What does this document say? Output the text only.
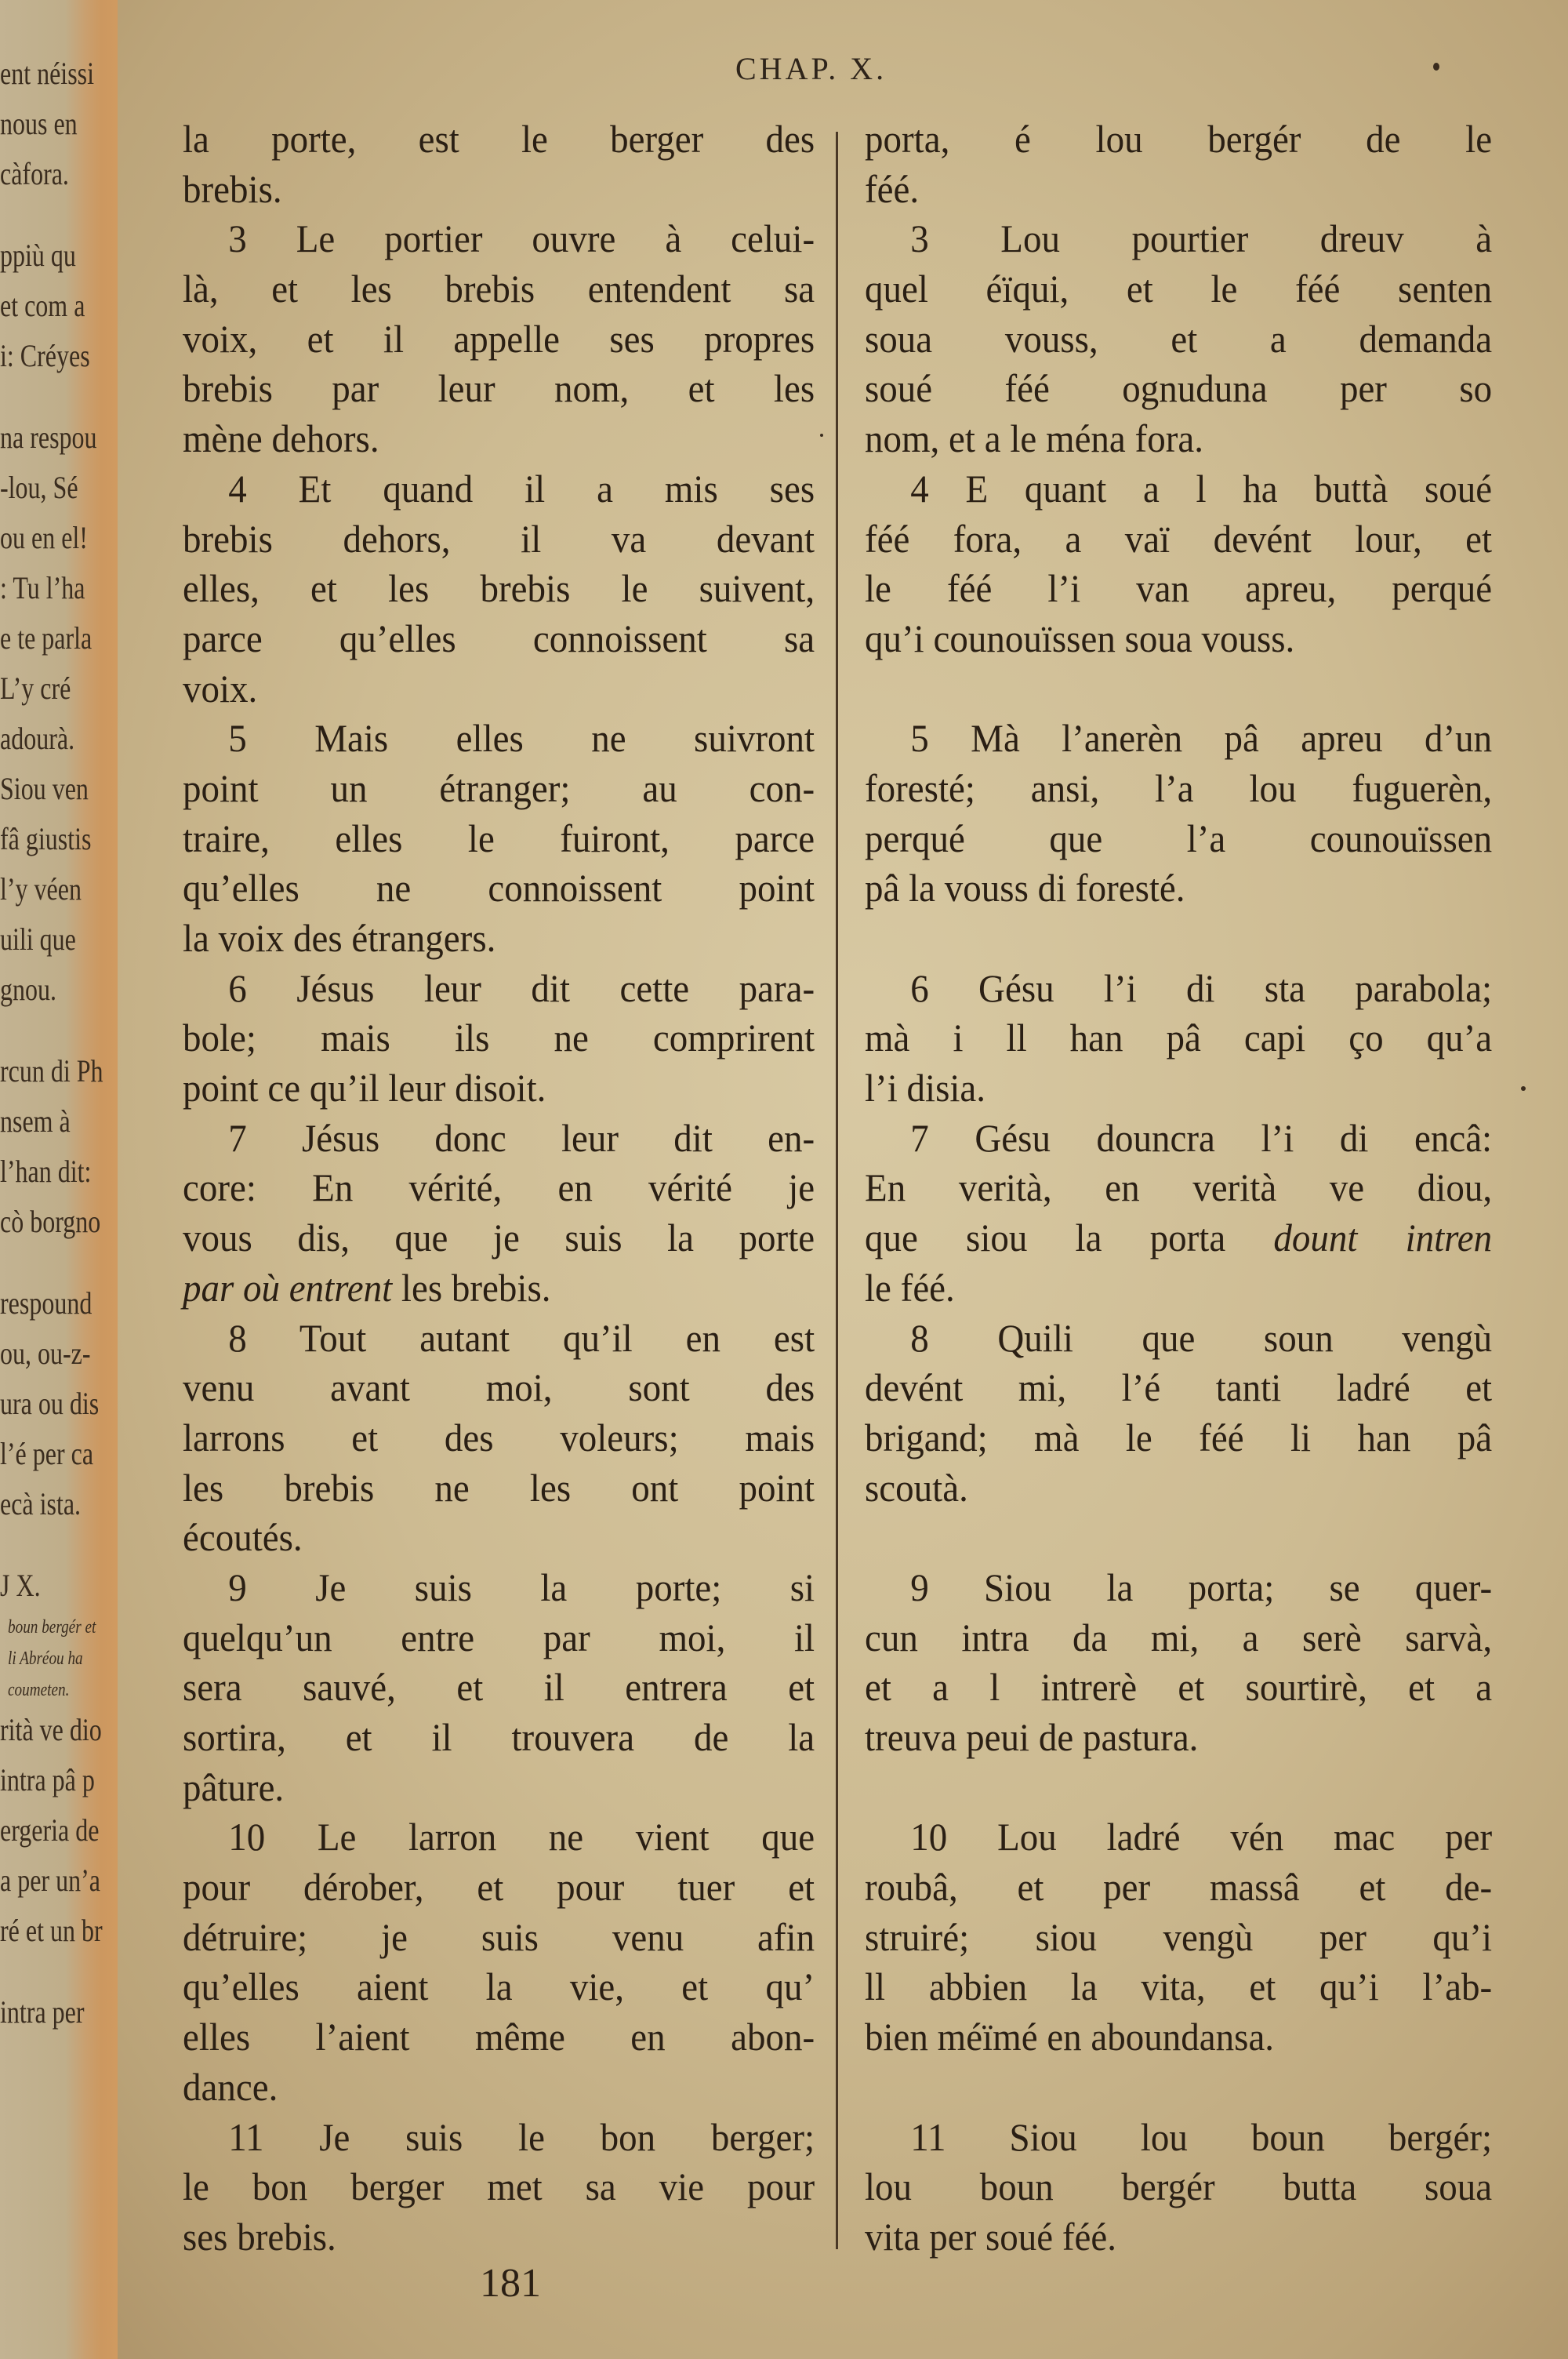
ent néissi
nous en
càfora.
ppiù qu
et com a
i: Créyes
na respou
-lou, Sé
ou en el!
: Tu l’ha
e te parla
L’y cré
adourà.
Siou ven
fâ giustis
l’y véen
uili que
gnou.
rcun di Ph
nsem à
l’han dit:
cò borgno
respound
ou, ou-z-
ura ou dis
l’é per ca
ecà ista.
J X.
boun bergér et
li Abréou ha
coumeten.
rità ve dio
intra pâ p
ergeria de
a per un’a
ré et un br
intra per
CHAP. X.
la porte, est le berger des
brebis.
3 Le portier ouvre à celui-
là, et les brebis entendent sa
voix, et il appelle ses propres
brebis par leur nom, et les
mène dehors.
4 Et quand il a mis ses
brebis dehors, il va devant
elles, et les brebis le suivent,
parce qu’elles connoissent sa
voix.
5 Mais elles ne suivront
point un étranger; au con-
traire, elles le fuiront, parce
qu’elles ne connoissent point
la voix des étrangers.
6 Jésus leur dit cette para-
bole; mais ils ne comprirent
point ce qu’il leur disoit.
7 Jésus donc leur dit en-
core: En vérité, en vérité je
vous dis, que je suis la porte
par où entrent les brebis.
8 Tout autant qu’il en est
venu avant moi, sont des
larrons et des voleurs; mais
les brebis ne les ont point
écoutés.
9 Je suis la porte; si
quelqu’un entre par moi, il
sera sauvé, et il entrera et
sortira, et il trouvera de la
pâture.
10 Le larron ne vient que
pour dérober, et pour tuer et
détruire; je suis venu afin
qu’elles aient la vie, et qu’
elles l’aient même en abon-
dance.
11 Je suis le bon berger;
le bon berger met sa vie pour
ses brebis.
porta, é lou bergér de le
féé.
3 Lou pourtier dreuv à
quel éïqui, et le féé senten
soua vouss, et a demanda
soué féé ognuduna per so
nom, et a le ména fora.
4 E quant a l ha buttà soué
féé fora, a vaï devént lour, et
le féé l’i van apreu, perqué
qu’i counouïssen soua vouss.
5 Mà l’anerèn pâ apreu d’un
foresté; ansi, l’a lou fuguerèn,
perqué que l’a counouïssen
pâ la vouss di foresté.
6 Gésu l’i di sta parabola;
mà i ll han pâ capi ço qu’a
l’i disia.
7 Gésu douncra l’i di encâ:
En verità, en verità ve diou,
que siou la porta dount intren
le féé.
8 Quili que soun vengù
devént mi, l’é tanti ladré et
brigand; mà le féé li han pâ
scoutà.
9 Siou la porta; se quer-
cun intra da mi, a serè sarvà,
et a l intrerè et sourtirè, et a
treuva peui de pastura.
10 Lou ladré vén mac per
roubâ, et per massâ et de-
struiré; siou vengù per qu’i
ll abbien la vita, et qu’i l’ab-
bien méïmé en aboundansa.
11 Siou lou boun bergér;
lou boun bergér butta soua
vita per soué féé.
181
